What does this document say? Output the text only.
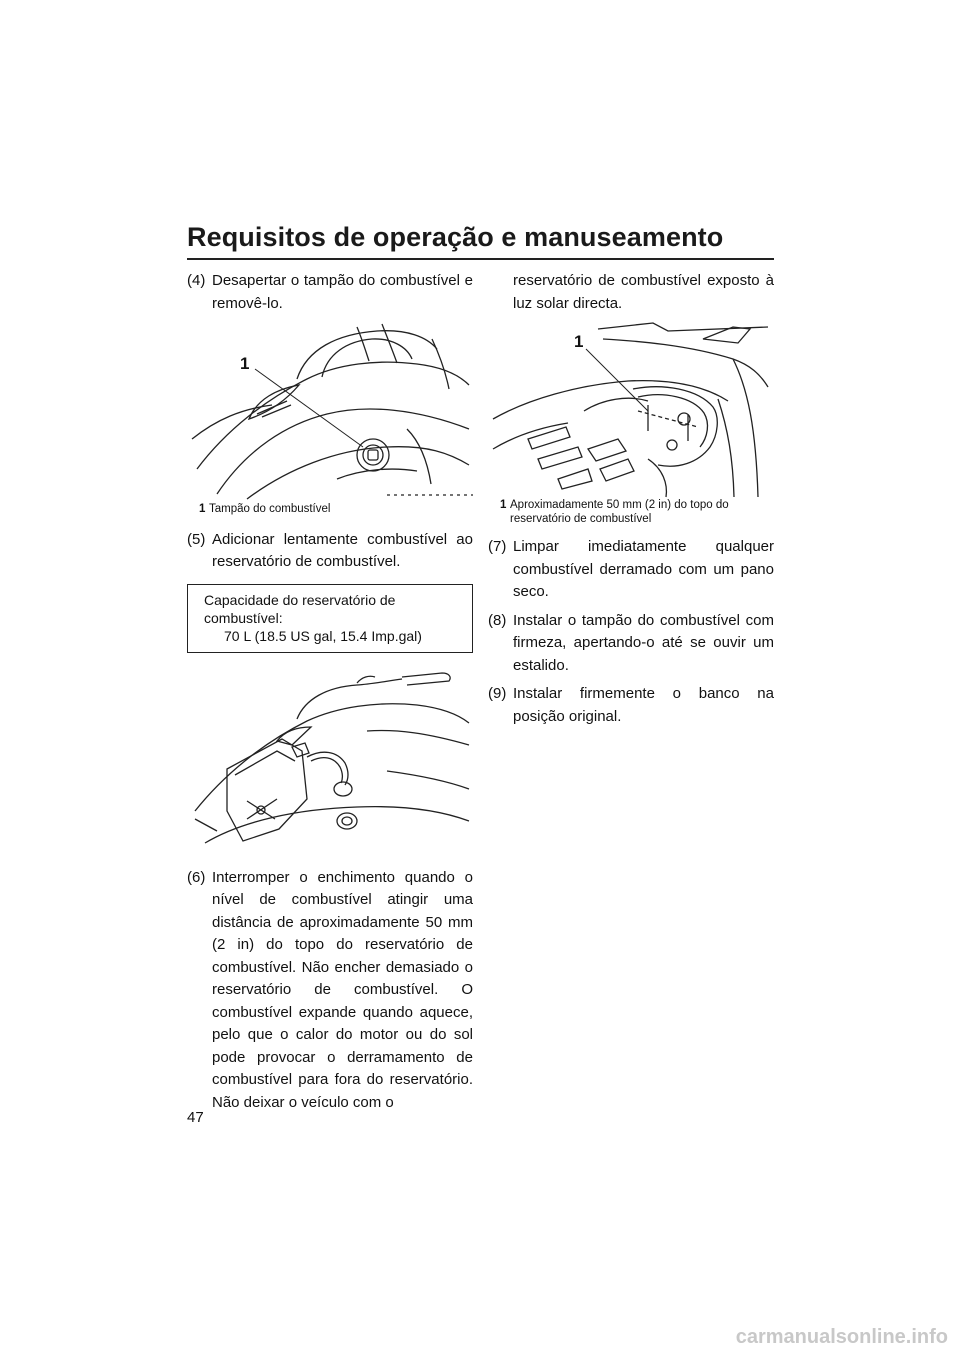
Requisitos de operação e manuseamento
(4) Desapertar o tampão do combustível e removê-lo.
1
1 Tampão do combustível
(5) Adicionar lentamente combustível ao reservatório de combustível.
Capacidade do reservatório de combustível:
70 L (18.5 US gal, 15.4 Imp.gal)
(6) Interromper o enchimento quando o nível de combustível atingir uma distância de aproximadamente 50 mm (2 in) do topo do reservatório de combustível. Não encher demasiado o reservatório de combustível. O combustível expande quando aquece, pelo que o calor do motor ou do sol pode provocar o derramamento de combustível para fora do reservatório. Não deixar o veículo com o
reservatório de combustível exposto à luz solar directa.
1
1 Aproximadamente 50 mm (2 in) do topo do reservatório de combustível
(7) Limpar imediatamente qualquer combustível derramado com um pano seco.
(8) Instalar o tampão do combustível com firmeza, apertando-o até se ouvir um estalido.
(9) Instalar firmemente o banco na posição original.
47
carmanualsonline.info
